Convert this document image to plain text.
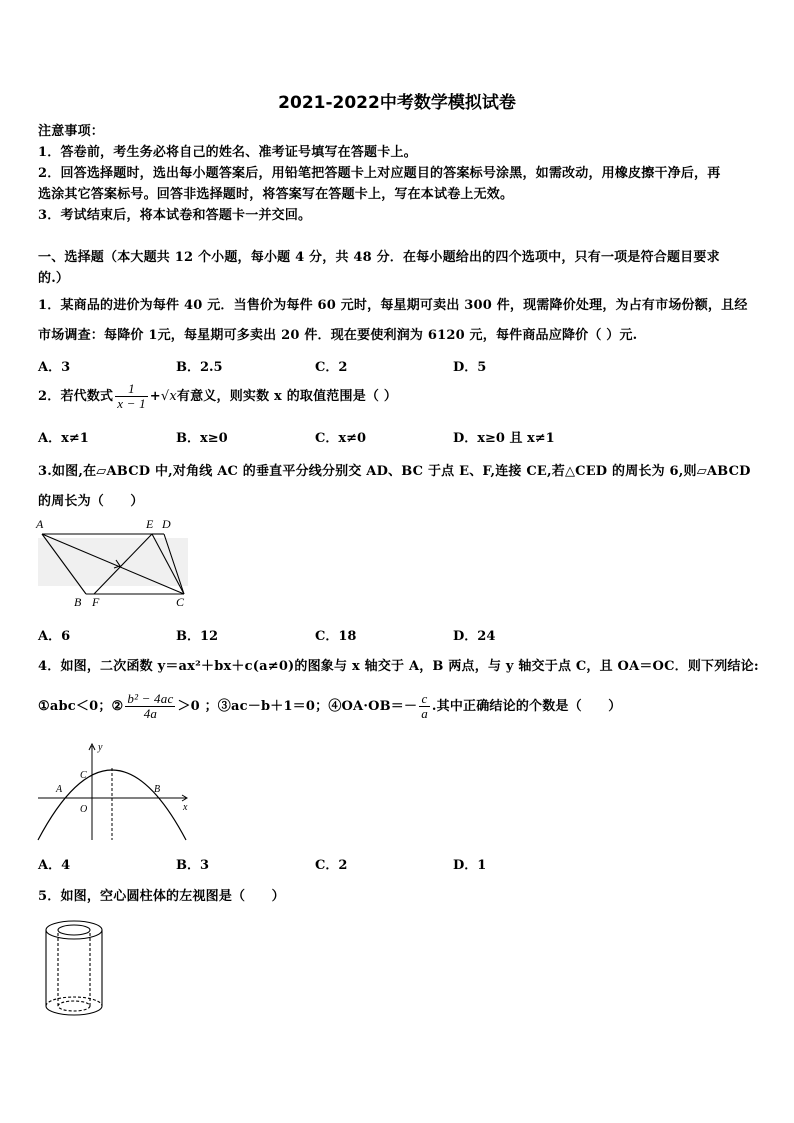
2021-2022中考数学模拟试卷
注意事项：
1．答卷前，考生务必将自己的姓名、准考证号填写在答题卡上。
2．回答选择题时，选出每小题答案后，用铅笔把答题卡上对应题目的答案标号涂黑，如需改动，用橡皮擦干净后，再
选涂其它答案标号。回答非选择题时，将答案写在答题卡上，写在本试卷上无效。
3．考试结束后，将本试卷和答题卡一并交回。
一、选择题（本大题共 12 个小题，每小题 4 分，共 48 分．在每小题给出的四个选项中，只有一项是符合题目要求
的.）
1．某商品的进价为每件 40 元．当售价为每件 60 元时，每星期可卖出 300 件，现需降价处理，为占有市场份额，且经
市场调查：每降价 1元，每星期可多卖出 20 件．现在要使利润为 6120 元，每件商品应降价（ ）元.
A．3	B．2.5	C．2	D．5
2．若代数式 $\frac{1}{x - 1} +√x$有意义，则实数 x 的取值范围是（ ）
A．x≠1	B．x≥0	C．x≠0	D．x≥0 且 x≠1
3.如图,在▱ABCD 中,对角线 AC 的垂直平分线分别交 AD、BC 于点 E、F,连接 CE,若△CED 的周长为 6,则▱ABCD
的周长为（　　）
A	E D
B F	C
A．6	B．12	C．18	D．24
4．如图，二次函数 y＝ax²＋bx＋c(a≠0)的图象与 x 轴交于 A，B 两点，与 y 轴交于点 C，且 OA＝OC．则下列结论:
①abc＜0；② $\frac{\text{b² − 4ac}}{4a} >0$ ；③ac－b＋1＝0；④OA·OB＝－ $\frac{c}{a}$ .其中正确结论的个数是（　　）
y
C
A
O
B
x
A．4	B．3	C．2	D．1
5．如图，空心圆柱体的左视图是（　　）
